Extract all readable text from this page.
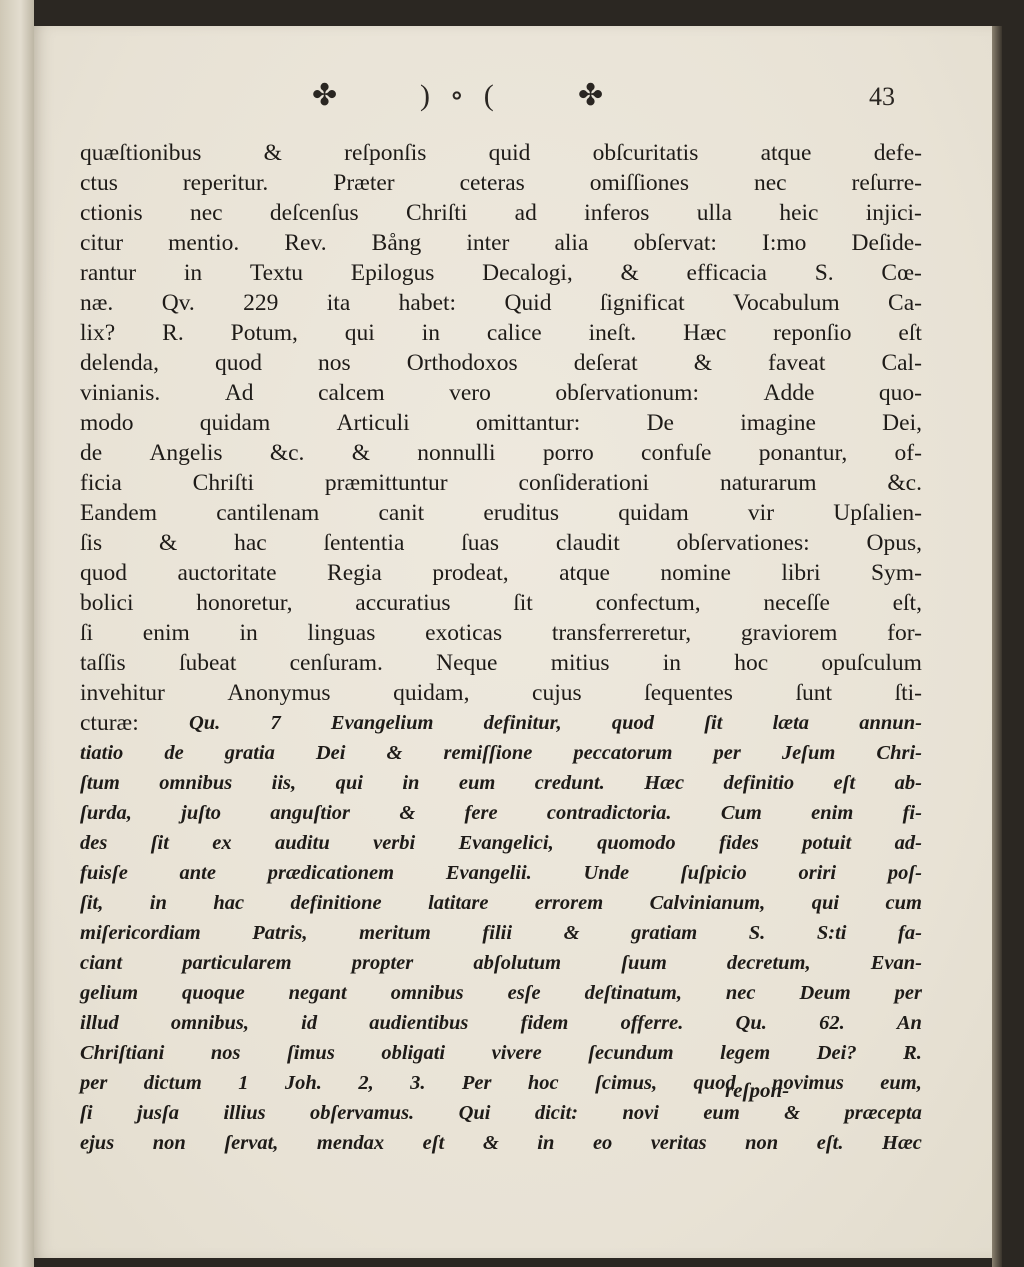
✤	) ∘ (	✤	43
quæſtionibus	&	reſponſis	quid	obſcuritatis	atque	defe-
ctus	reperitur.	Præter	ceteras	omiſſiones	nec	reſurre-
ctionis nec deſcenſus Chriſti ad inferos ulla heic injici-
citur mentio. Rev. Bång inter alia obſervat: I:mo Deſide-
rantur in Textu Epilogus Decalogi, & efficacia S. Cœ-
næ. Qv. 229 ita habet: Quid ſignificat Vocabulum Ca-
lix? R. Potum, qui in calice ineſt. Hæc reponſio eſt
delenda, quod nos Orthodoxos deſerat & faveat Cal-
vinianis.	Ad	calcem	vero	obſervationum:	Adde	quo-
modo	quidam	Articuli	omittantur:	De	imagine	Dei,
de Angelis &c. & nonnulli porro confuſe ponantur, of-
ficia	Chriſti	præmittuntur	conſiderationi	naturarum	&c.
Eandem	cantilenam	canit	eruditus	quidam	vir	Upſalien-
ſis & hac ſententia ſuas claudit obſervationes: Opus,
quod auctoritate Regia prodeat, atque nomine libri Sym-
bolici	honoretur,	accuratius	ſit	confectum,	neceſſe	eſt,
ſi enim in linguas exoticas transferreretur, graviorem for-
taſſis ſubeat cenſuram. Neque mitius in hoc opuſculum
invehitur	Anonymus	quidam,	cujus	ſequentes	ſunt	ſti-
cturæ: Qu. 7 Evangelium definitur, quod ſit læta annun-
tiatio de gratia Dei & remiſſione peccatorum per Jeſum Chri-
ſtum omnibus iis, qui in eum credunt. Hæc definitio eſt ab-
ſurda, juſto anguſtior & fere contradictoria. Cum enim fi-
des ſit ex auditu verbi Evangelici, quomodo fides potuit ad-
fuisſe	ante	prædicationem	Evangelii.	Unde	ſuſpicio	oriri	poſ-
ſit, in hac definitione latitare errorem Calvinianum, qui cum
miſericordiam	Patris,	meritum	filii	&	gratiam	S.	S:ti	fa-
ciant	particularem	propter	abſolutum	ſuum	decretum,	Evan-
gelium quoque negant omnibus esſe deſtinatum, nec Deum per
illud	omnibus,	id	audientibus	fidem	offerre.	Qu.	62.	An
Chriſtiani nos ſimus obligati vivere ſecundum legem Dei? R.
per dictum 1 Joh. 2, 3. Per hoc ſcimus, quod novimus eum,
ſi jusſa illius obſervamus. Qui dicit: novi eum & præcepta
ejus non ſervat, mendax eſt & in eo veritas non eſt. Hæc
reſpon-
